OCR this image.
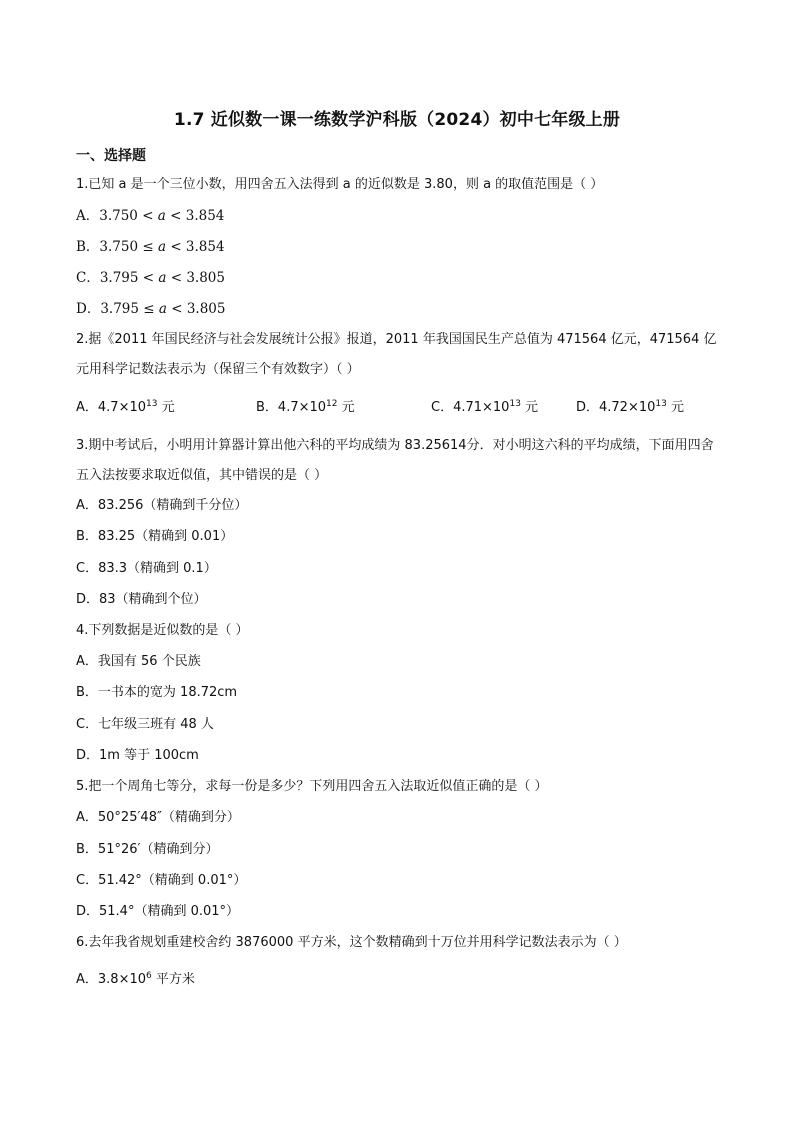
1.7 近似数一课一练数学沪科版（2024）初中七年级上册
一、选择题
1.已知 a 是一个三位小数，用四舍五入法得到 a 的近似数是 3.80，则 a 的取值范围是（ ）
A．3.750 < a < 3.854
B．3.750 ≤ a < 3.854
C．3.795 < a < 3.805
D．3.795 ≤ a < 3.805
2.据《2011 年国民经济与社会发展统计公报》报道，2011 年我国国民生产总值为 471564 亿元，471564 亿元用科学记数法表示为（保留三个有效数字）（ ）
A．$4.7\times 10^{13}$ 元	B．$4.7\times 10^{12}$ 元	C．$4.71\times 10^{13}$ 元	D．$4.72\times 10^{13}$ 元
3.期中考试后，小明用计算器计算出他六科的平均成绩为 83.25614分．对小明这六科的平均成绩，下面用四舍五入法按要求取近似值，其中错误的是（ ）
A．83.256（精确到千分位）
B．83.25（精确到 0.01）
C．83.3（精确到 0.1）
D．83（精确到个位）
4.下列数据是近似数的是（ ）
A．我国有 56 个民族
B．一书本的宽为 18.72cm
C．七年级三班有 48 人
D．1m 等于 100cm
5.把一个周角七等分，求每一份是多少？下列用四舍五入法取近似值正确的是（ ）
A．50°25′48″（精确到分）
B．51°26′（精确到分）
C．51.42°（精确到 0.01°）
D．51.4°（精确到 0.01°）
6.去年我省规划重建校舍约 3876000 平方米，这个数精确到十万位并用科学记数法表示为（ ）
A．$3.8\times 10^6$ 平方米
